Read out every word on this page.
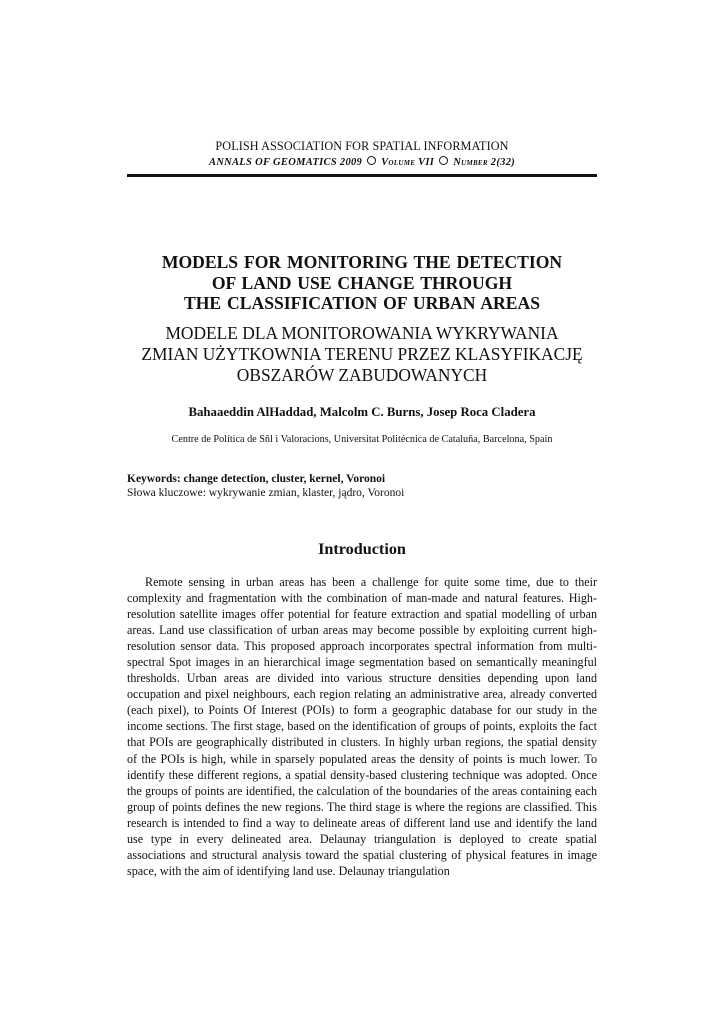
POLISH ASSOCIATION FOR SPATIAL INFORMATION
ANNALS OF GEOMATICS 2009 Volume VII Number 2(32)
MODELS FOR MONITORING THE DETECTION
OF LAND USE CHANGE THROUGH
THE CLASSIFICATION OF URBAN AREAS
MODELE DLA MONITOROWANIA WYKRYWANIA
ZMIAN UŻYTKOWNIA TERENU PRZEZ KLASYFIKACJĘ
OBSZARÓW ZABUDOWANYCH
Bahaaeddin AlHaddad, Malcolm C. Burns, Josep Roca Cladera
Centre de Política de Sñl i Valoracions, Universitat Politécnica de Cataluña, Barcelona, Spain
Keywords: change detection, cluster, kernel, Voronoi
Słowa kluczowe: wykrywanie zmian, klaster, jądro, Voronoi
Introduction

Remote sensing in urban areas has been a challenge for quite some time, due to their complexity and fragmentation with the combination of man-made and natural features. High-resolution satellite images offer potential for feature extraction and spatial modelling of urban areas. Land use classification of urban areas may become possible by exploiting current high-resolution sensor data. This proposed approach incorporates spectral information from multi-spectral Spot images in an hierarchical image segmentation based on semantically meaningful thresholds. Urban areas are divided into various structure densities depending upon land occupation and pixel neighbours, each region relating an administrative area, already converted (each pixel), to Points Of Interest (POIs) to form a geographic database for our study in the income sections. The first stage, based on the identification of groups of points, exploits the fact that POIs are geographically distributed in clusters. In highly urban regions, the spatial density of the POIs is high, while in sparsely populated areas the density of points is much lower. To identify these different regions, a spatial density-based clustering technique was adopted. Once the groups of points are identified, the calculation of the boundaries of the areas containing each group of points defines the new regions. The third stage is where the regions are classified. This research is intended to find a way to delineate areas of different land use and identify the land use type in every delineated area. Delaunay triangulation is deployed to create spatial associations and structural analysis toward the spatial clustering of physical features in image space, with the aim of identifying land use. Delaunay triangulation
